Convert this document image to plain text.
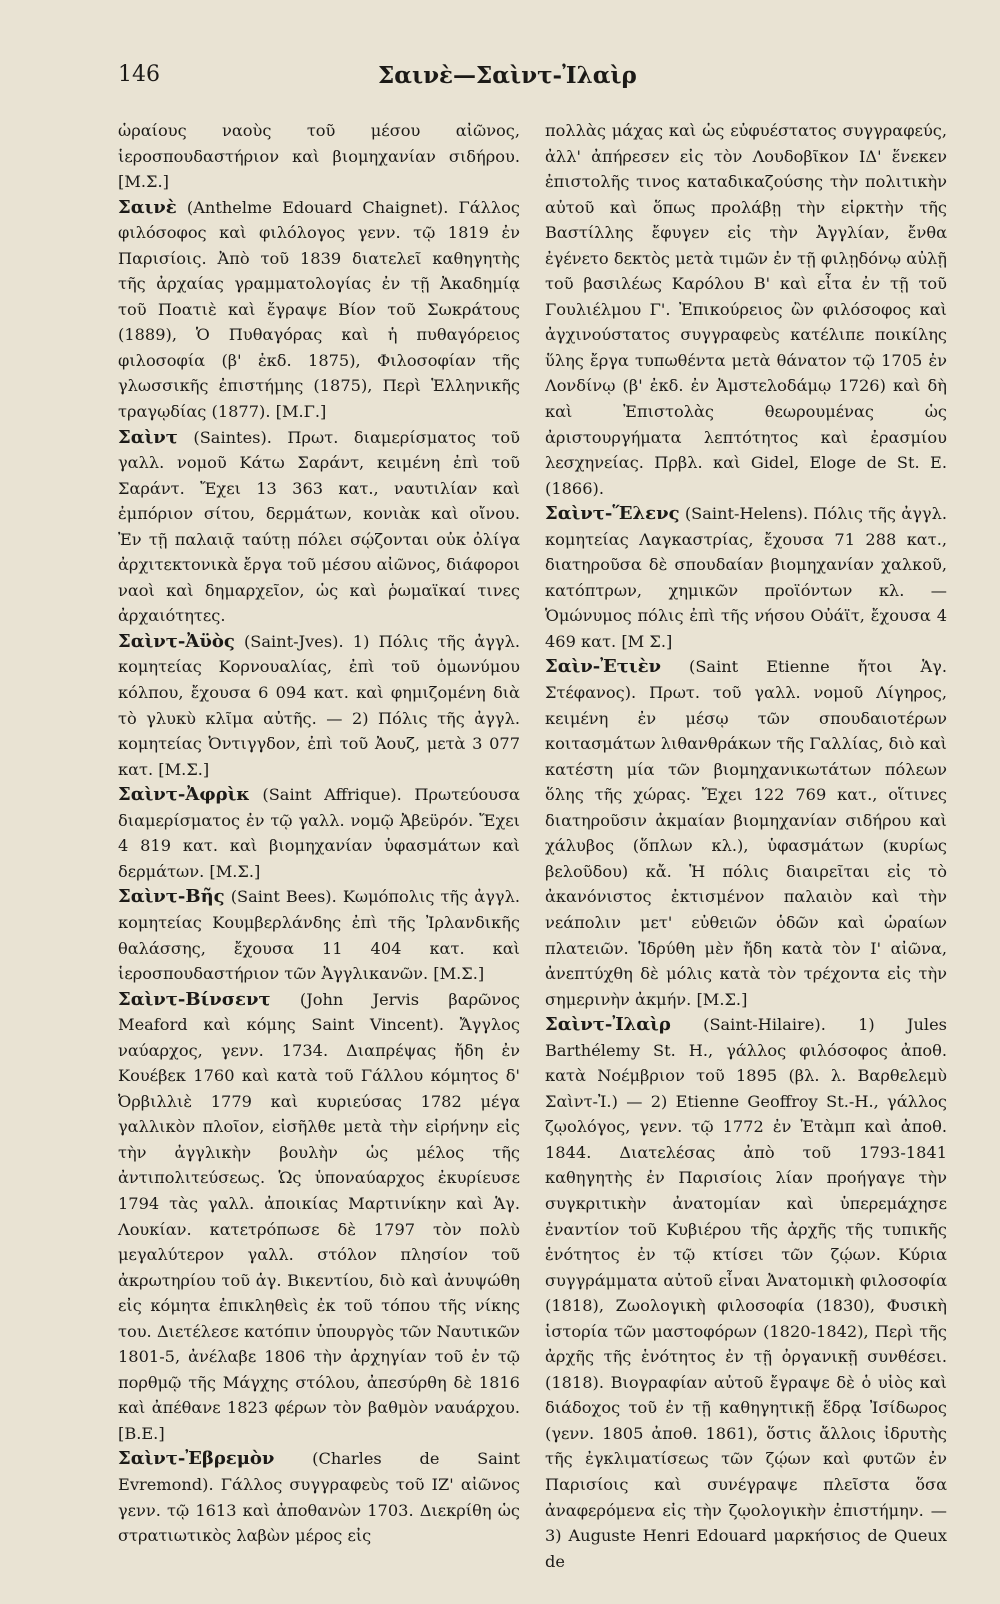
146	Σαινὲ—Σαὶντ-Ἰλαὶρ

ὡραίους ναοὺς τοῦ μέσου αἰῶνος, ἱεροσπουδαστήριον καὶ βιομηχανίαν σιδήρου. [Μ.Σ.]

Σαινὲ (Anthelme Edouard Chaignet). Γάλλος φιλόσοφος καὶ φιλόλογος γενν. τῷ 1819 ἐν Παρισίοις. Ἀπὸ τοῦ 1839 διατελεῖ καθηγητὴς τῆς ἀρχαίας γραμματολογίας ἐν τῇ Ἀκαδημίᾳ τοῦ Ποατιὲ καὶ ἔγραψε Βίον τοῦ Σωκράτους (1889), Ὁ Πυθαγόρας καὶ ἡ πυθαγόρειος φιλοσοφία (β' ἐκδ. 1875), Φιλοσοφίαν τῆς γλωσσικῆς ἐπιστήμης (1875), Περὶ Ἑλληνικῆς τραγῳδίας (1877). [Μ.Γ.]

Σαὶντ (Saintes). Πρωτ. διαμερίσματος τοῦ γαλλ. νομοῦ Κάτω Σαράντ, κειμένη ἐπὶ τοῦ Σαράντ. Ἔχει 13 363 κατ., ναυτιλίαν καὶ ἐμπόριον σίτου, δερμάτων, κονιὰκ καὶ οἴνου. Ἐν τῇ παλαιᾷ ταύτῃ πόλει σῴζονται οὐκ ὀλίγα ἀρχιτεκτονικὰ ἔργα τοῦ μέσου αἰῶνος, διάφοροι ναοὶ καὶ δημαρχεῖον, ὡς καὶ ῥωμαϊκαί τινες ἀρχαιότητες.

Σαὶντ-Ἀϋὸς (Saint-Jves). 1) Πόλις τῆς ἀγγλ. κομητείας Κορνουαλίας, ἐπὶ τοῦ ὁμωνύμου κόλπου, ἔχουσα 6 094 κατ. καὶ φημιζομένη διὰ τὸ γλυκὺ κλῖμα αὐτῆς. — 2) Πόλις τῆς ἀγγλ. κομητείας Ὀντιγγδον, ἐπὶ τοῦ Ἀουζ, μετὰ 3 077 κατ. [Μ.Σ.]

Σαὶντ-Ἀφρὶκ (Saint Affrique). Πρωτεύουσα διαμερίσματος ἐν τῷ γαλλ. νομῷ Ἀβεϋρόν. Ἔχει 4 819 κατ. καὶ βιομηχανίαν ὑφασμάτων καὶ δερμάτων. [Μ.Σ.]

Σαὶντ-Βῆς (Saint Bees). Κωμόπολις τῆς ἀγγλ. κομητείας Κουμβερλάνδης ἐπὶ τῆς Ἰρλανδικῆς θαλάσσης, ἔχουσα 11 404 κατ. καὶ ἱεροσπουδαστήριον τῶν Ἀγγλικανῶν. [Μ.Σ.]

Σαὶντ-Βίνσεντ (John Jervis βαρῶνος Meaford καὶ κόμης Saint Vincent). Ἄγγλος ναύαρχος, γενν. 1734. Διαπρέψας ἤδη ἐν Κουέβεκ 1760 καὶ κατὰ τοῦ Γάλλου κόμητος δ' Ὀρβιλλιὲ 1779 καὶ κυριεύσας 1782 μέγα γαλλικὸν πλοῖον, εἰσῆλθε μετὰ τὴν εἰρήνην εἰς τὴν ἀγγλικὴν βουλὴν ὡς μέλος τῆς ἀντιπολιτεύσεως. Ὡς ὑποναύαρχος ἐκυρίευσε 1794 τὰς γαλλ. ἀποικίας Μαρτινίκην καὶ Ἁγ. Λουκίαν. κατετρόπωσε δὲ 1797 τὸν πολὺ μεγαλύτερον γαλλ. στόλον πλησίον τοῦ ἀκρωτηρίου τοῦ ἁγ. Βικεντίου, διὸ καὶ ἀνυψώθη εἰς κόμητα ἐπικληθεὶς ἐκ τοῦ τόπου τῆς νίκης του. Διετέλεσε κατόπιν ὑπουργὸς τῶν Ναυτικῶν 1801-5, ἀνέλαβε 1806 τὴν ἀρχηγίαν τοῦ ἐν τῷ πορθμῷ τῆς Μάγχης στόλου, ἀπεσύρθη δὲ 1816 καὶ ἀπέθανε 1823 φέρων τὸν βαθμὸν ναυάρχου. [Β.Ε.]

Σαὶντ-Ἐβρεμὸν (Charles de Saint Evremond). Γάλλος συγγραφεὺς τοῦ ΙΖ' αἰῶνος γενν. τῷ 1613 καὶ ἀποθανὼν 1703. Διεκρίθη ὡς στρατιωτικὸς λαβὼν μέρος εἰς

πολλὰς μάχας καὶ ὡς εὐφυέστατος συγγραφεύς, ἀλλ' ἀπήρεσεν εἰς τὸν Λουδοβῖκον ΙΔ' ἕνεκεν ἐπιστολῆς τινος καταδικαζούσης τὴν πολιτικὴν αὐτοῦ καὶ ὅπως προλάβῃ τὴν εἱρκτὴν τῆς Βαστίλλης ἔφυγεν εἰς τὴν Ἀγγλίαν, ἔνθα ἐγένετο δεκτὸς μετὰ τιμῶν ἐν τῇ φιλῃδόνῳ αὐλῇ τοῦ βασιλέως Καρόλου Β' καὶ εἶτα ἐν τῇ τοῦ Γουλιέλμου Γ'. Ἐπικούρειος ὢν φιλόσοφος καὶ ἀγχινούστατος συγγραφεὺς κατέλιπε ποικίλης ὕλης ἔργα τυπωθέντα μετὰ θάνατον τῷ 1705 ἐν Λονδίνῳ (β' ἐκδ. ἐν Ἀμστελοδάμῳ 1726) καὶ δὴ καὶ Ἐπιστολὰς θεωρουμένας ὡς ἀριστουργήματα λεπτότητος καὶ ἐρασμίου λεσχηνείας. Πρβλ. καὶ Gidel, Eloge de St. E. (1866).

Σαὶντ-Ἕλενς (Saint-Helens). Πόλις τῆς ἀγγλ. κομητείας Λαγκαστρίας, ἔχουσα 71 288 κατ., διατηροῦσα δὲ σπουδαίαν βιομηχανίαν χαλκοῦ, κατόπτρων, χημικῶν προϊόντων κλ. — Ὁμώνυμος πόλις ἐπὶ τῆς νήσου Οὐάϊτ, ἔχουσα 4 469 κατ. [Μ Σ.]

Σαὶν-Ἐτιὲν (Saint Etienne ἤτοι Ἁγ. Στέφανος). Πρωτ. τοῦ γαλλ. νομοῦ Λίγηρος, κειμένη ἐν μέσῳ τῶν σπουδαιοτέρων κοιτασμάτων λιθανθράκων τῆς Γαλλίας, διὸ καὶ κατέστη μία τῶν βιομηχανικωτάτων πόλεων ὅλης τῆς χώρας. Ἔχει 122 769 κατ., οἵτινες διατηροῦσιν ἀκμαίαν βιομηχανίαν σιδήρου καὶ χάλυβος (ὅπλων κλ.), ὑφασμάτων (κυρίως βελοῦδου) κἄ. Ἡ πόλις διαιρεῖται εἰς τὸ ἀκανόνιστος ἐκτισμένον παλαιὸν καὶ τὴν νεάπολιν μετ' εὐθειῶν ὁδῶν καὶ ὡραίων πλατειῶν. Ἱδρύθη μὲν ἤδη κατὰ τὸν Ι' αἰῶνα, ἀνεπτύχθη δὲ μόλις κατὰ τὸν τρέχοντα εἰς τὴν σημερινὴν ἀκμήν. [Μ.Σ.]

Σαὶντ-Ἰλαὶρ (Saint-Hilaire). 1) Jules Barthélemy St. H., γάλλος φιλόσοφος ἀποθ. κατὰ Νοέμβριον τοῦ 1895 (βλ. λ. Βαρθελεμὺ Σαὶντ-Ἰ.) — 2) Etienne Geoffroy St.-H., γάλλος ζῳολόγος, γενν. τῷ 1772 ἐν Ἐτὰμπ καὶ ἀποθ. 1844. Διατελέσας ἀπὸ τοῦ 1793-1841 καθηγητὴς ἐν Παρισίοις λίαν προήγαγε τὴν συγκριτικὴν ἀνατομίαν καὶ ὑπερεμάχησε ἐναντίον τοῦ Κυβιέρου τῆς ἀρχῆς τῆς τυπικῆς ἑνότητος ἐν τῷ κτίσει τῶν ζῴων. Κύρια συγγράμματα αὐτοῦ εἶναι Ἀνατομικὴ φιλοσοφία (1818), Ζωολογικὴ φιλοσοφία (1830), Φυσικὴ ἱστορία τῶν μαστοφόρων (1820-1842), Περὶ τῆς ἀρχῆς τῆς ἑνότητος ἐν τῇ ὀργανικῇ συνθέσει. (1818). Βιογραφίαν αὐτοῦ ἔγραψε δὲ ὁ υἱὸς καὶ διάδοχος τοῦ ἐν τῇ καθηγητικῇ ἕδρᾳ Ἰσίδωρος (γενν. 1805 ἀποθ. 1861), ὅστις ἄλλοις ἰδρυτὴς τῆς ἐγκλιματίσεως τῶν ζῴων καὶ φυτῶν ἐν Παρισίοις καὶ συνέγραψε πλεῖστα ὅσα ἀναφερόμενα εἰς τὴν ζῳολογικὴν ἐπιστήμην. —3) Auguste Henri Edouard μαρκήσιος de Queux de
